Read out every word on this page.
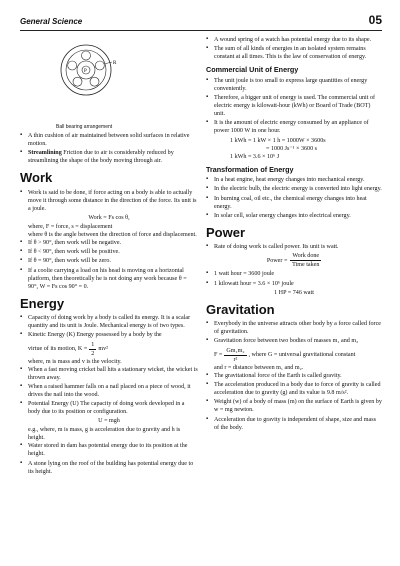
General Science	05
R
P
Ball bearing arrangement
▪ A thin cushion of air maintained between solid surfaces in relative motion.
▪ Streamlining Friction due to air is considerably reduced by streamlining the shape of the body moving through air.
Work
▪ Work is said to be done, if force acting on a body is able to actually move it through some distance in the direction of the force. Its unit is a joule.
Work = Fs cos θ,
where, F = force, s = displacement
where θ is the angle between the direction of force and displacement.
▪ If θ > 90°, then work will be negative.
▪ If θ < 90°, then work will be positive.
▪ If θ = 90°, then work will be zero.
▪ If a coolie carrying a load on his head is moving on a horizontal platform, then theoretically he is not doing any work because θ = 90°, W = Fs cos 90° = 0.
Energy
▪ Capacity of doing work by a body is called its energy. It is a scalar quantity and its unit is Joule. Mechanical energy is of two types.
▪ Kinetic Energy (K) Energy possessed by a body by the
virtue of its motion, $K = \frac{1}{2} mv^2$
where, m is mass and v is the velocity.
▪ When a fast moving cricket ball hits a stationary wicket, the wicket is thrown away.
▪ When a raised hammer falls on a nail placed on a piece of wood, it drives the nail into the wood.
▪ Potential Energy (U) The capacity of doing work developed in a body due to its position or configuration.
U = mgh
e.g., where, m is mass, g is acceleration due to gravity and h is height.
▪ Water stored in dam has potential energy due to its position at the height.
▪ A stone lying on the roof of the building has potential energy due to its height.
▪ A wound spring of a watch has potential energy due to its shape.
▪ The sum of all kinds of energies in an isolated system remains constant at all times. This is the law of conservation of energy.
Commercial Unit of Energy
▪ The unit joule is too small to express large quantities of energy conveniently.
▪ Therefore, a bigger unit of energy is used. The commercial unit of electric energy is kilowatt-hour (kWh) or Board of Trade (BOT) unit.
▪ It is the amount of electric energy consumed by an appliance of power 1000 W in one hour.
1 kWh = 1 kW × 1 h = 1000W × 3600s
= 1000 Js⁻¹ × 3600 s
1 kWh = 3.6 × 10⁶ J
Transformation of Energy
▪ In a heat engine, heat energy changes into mechanical energy.
▪ In the electric bulb, the electric energy is converted into light energy.
▪ In burning coal, oil etc., the chemical energy changes into heat energy.
▪ In solar cell, solar energy changes into electrical energy.
Power
▪ Rate of doing work is called power. Its unit is watt.
Power = $\frac{\text{Work done}}{\text{Time taken}}$
▪ 1 watt hour = 3600 joule
▪ 1 kilowatt hour = 3.6 × 10⁶ joule
1 HP = 746 watt
Gravitation
▪ Everybody in the universe attracts other body by a force called force of gravitation.
▪ Gravitation force between two bodies of masses m₁ and m₂
$F = \frac{\text{Gm₁m₂}}{\text{r²}}$ , where G = universal gravitational constant
and r = distance between m₁ and m₂.
▪ The gravitational force of the Earth is called gravity.
▪ The acceleration produced in a body due to force of gravity is called acceleration due to gravity (g) and its value is 9.8 m/s².
▪ Weight (w) of a body of mass (m) on the surface of Earth is given by w = mg newton.
▪ Acceleration due to gravity is independent of shape, size and mass of the body.
